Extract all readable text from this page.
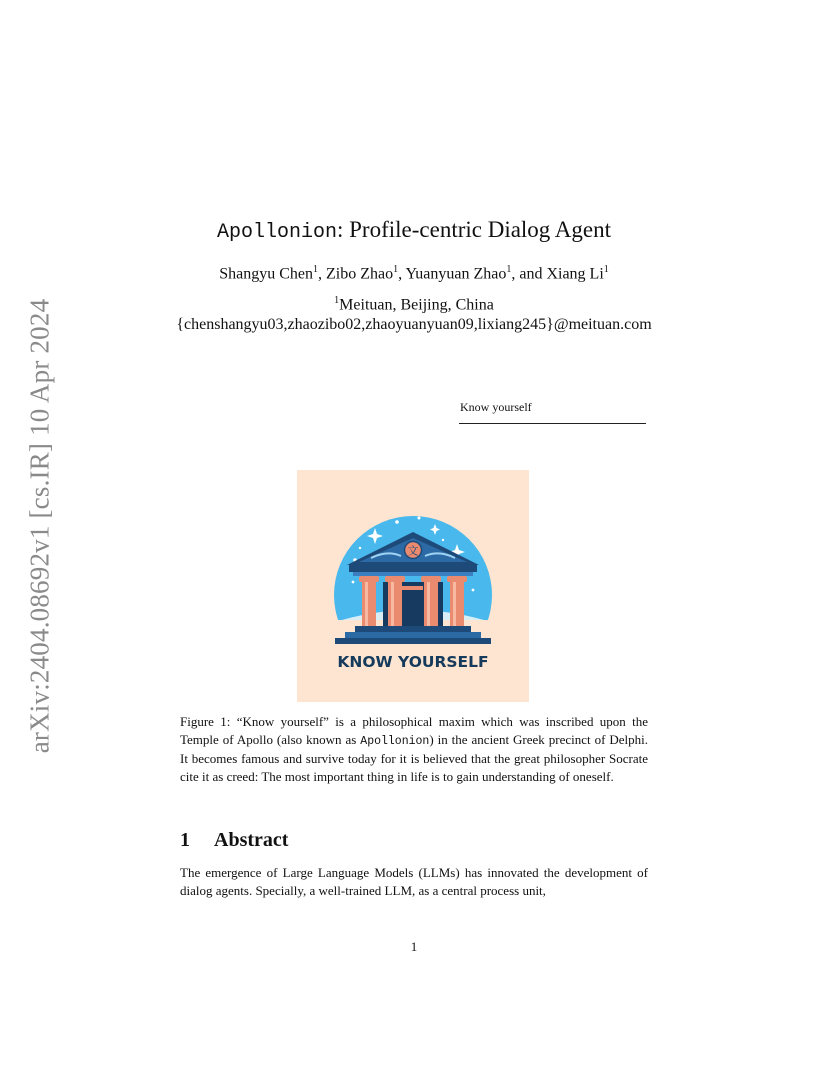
arXiv:2404.08692v1 [cs.IR] 10 Apr 2024
Apollonion: Profile-centric Dialog Agent
Shangyu Chen$^1$, Zibo Zhao$^1$, Yuanyuan Zhao$^1$, and Xiang Li$^1$
$^1$Meituan, Beijing, China
{chenshangyu03,zhaozibo02,zhaoyuanyuan09,lixiang245}@meituan.com
Know yourself
文
KNOW YOURSELF
Figure 1: “Know yourself” is a philosophical maxim which was inscribed upon the Temple of Apollo (also known as Apollonion) in the ancient Greek precinct of Delphi. It becomes famous and survive today for it is believed that the great philosopher Socrate cite it as creed: The most important thing in life is to gain understanding of oneself.
1 Abstract
The emergence of Large Language Models (LLMs) has innovated the development of dialog agents. Specially, a well-trained LLM, as a central process unit,
1
